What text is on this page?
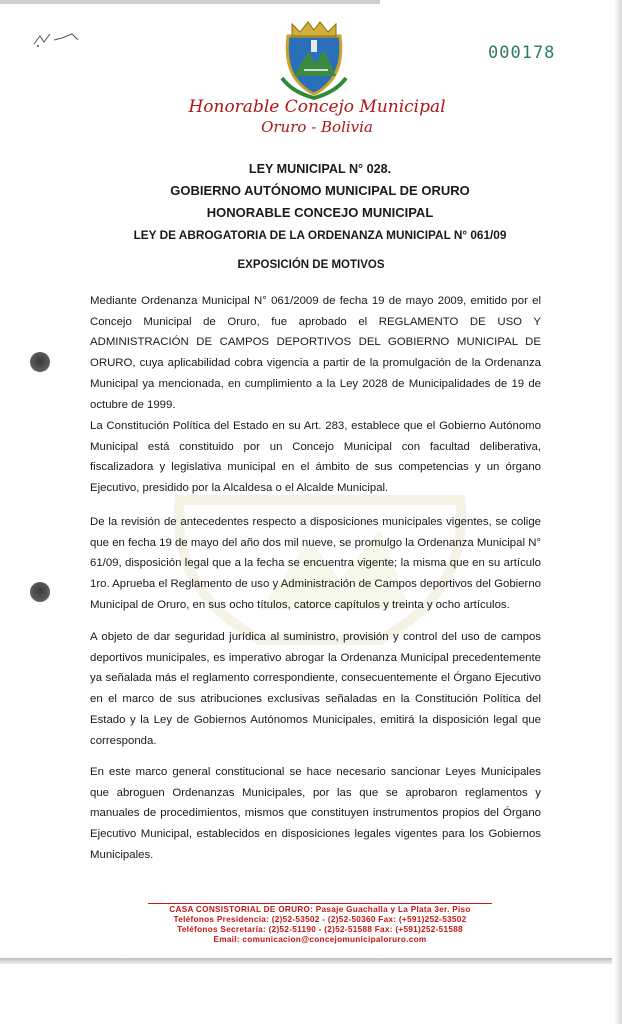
000178
Honorable Concejo Municipal
Oruro - Bolivia
LEY MUNICIPAL N° 028.
GOBIERNO AUTÓNOMO MUNICIPAL DE ORURO
HONORABLE CONCEJO MUNICIPAL
LEY DE ABROGATORIA DE LA ORDENANZA MUNICIPAL N° 061/09
EXPOSICIÓN DE MOTIVOS

Mediante Ordenanza Municipal N° 061/2009 de fecha 19 de mayo 2009, emitido por el Concejo Municipal de Oruro, fue aprobado el REGLAMENTO DE USO Y ADMINISTRACIÓN DE CAMPOS DEPORTIVOS DEL GOBIERNO MUNICIPAL DE ORURO, cuya aplicabilidad cobra vigencia a partir de la promulgación de la Ordenanza Municipal ya mencionada, en cumplimiento a la Ley 2028 de Municipalidades de 19 de octubre de 1999.

La Constitución Política del Estado en su Art. 283, establece que el Gobierno Autónomo Municipal está constituido por un Concejo Municipal con facultad deliberativa, fiscalizadora y legislativa municipal en el ámbito de sus competencias y un órgano Ejecutivo, presidido por la Alcaldesa o el Alcalde Municipal.

De la revisión de antecedentes respecto a disposiciones municipales vigentes, se colige que en fecha 19 de mayo del año dos mil nueve, se promulgo la Ordenanza Municipal N° 61/09, disposición legal que a la fecha se encuentra vigente; la misma que en su artículo 1ro. Aprueba el Reglamento de uso y Administración de Campos deportivos del Gobierno Municipal de Oruro, en sus ocho títulos, catorce capítulos y treinta y ocho artículos.

A objeto de dar seguridad jurídica al suministro, provisión y control del uso de campos deportivos municipales, es imperativo abrogar la Ordenanza Municipal precedentemente ya señalada más el reglamento correspondiente, consecuentemente el Órgano Ejecutivo en el marco de sus atribuciones exclusivas señaladas en la Constitución Política del Estado y la Ley de Gobiernos Autónomos Municipales, emitirá la disposición legal que corresponda.

En este marco general constitucional se hace necesario sancionar Leyes Municipales que abroguen Ordenanzas Municipales, por las que se aprobaron reglamentos y manuales de procedimientos, mismos que constituyen instrumentos propios del Órgano Ejecutivo Municipal, establecidos en disposiciones legales vigentes para los Gobiernos Municipales.

CASA CONSISTORIAL DE ORURO: Pasaje Guachalla y La Plata 3er. Piso
Teléfonos Presidencia: (2)52-53502 - (2)52-50360 Fax: (+591)252-53502
Teléfonos Secretaría: (2)52-51190 - (2)52-51588 Fax: (+591)252-51588
Email: comunicacion@concejomunicipaloruro.com
